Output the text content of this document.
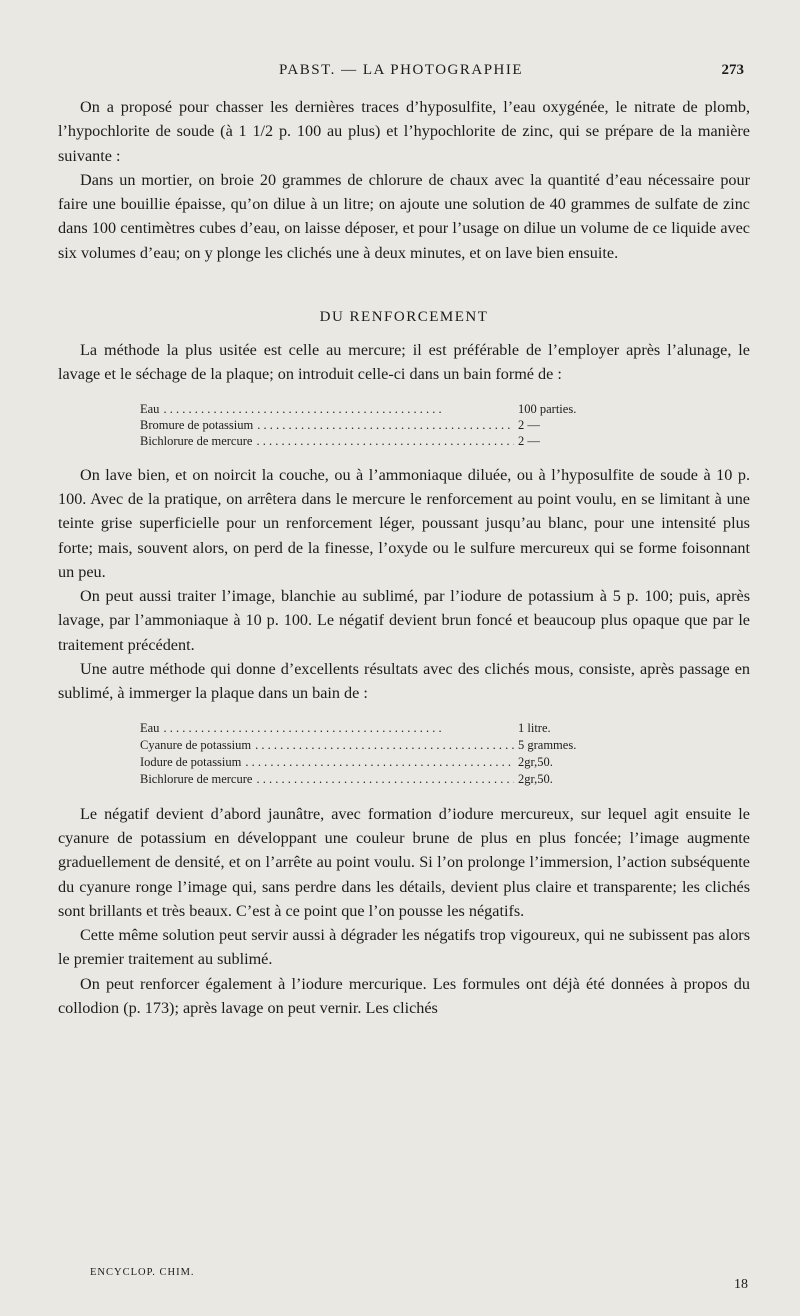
PABST. — LA PHOTOGRAPHIE	273

On a proposé pour chasser les dernières traces d’hyposulfite, l’eau oxygénée, le nitrate de plomb, l’hypochlorite de soude (à 1 1/2 p. 100 au plus) et l’hypochlorite de zinc, qui se prépare de la manière suivante :

Dans un mortier, on broie 20 grammes de chlorure de chaux avec la quantité d’eau nécessaire pour faire une bouillie épaisse, qu’on dilue à un litre; on ajoute une solution de 40 grammes de sulfate de zinc dans 100 centimètres cubes d’eau, on laisse déposer, et pour l’usage on dilue un volume de ce liquide avec six volumes d’eau; on y plonge les clichés une à deux minutes, et on lave bien ensuite.

DU RENFORCEMENT

La méthode la plus usitée est celle au mercure; il est préférable de l’employer après l’alunage, le lavage et le séchage de la plaque; on introduit celle-ci dans un bain formé de :

Eau . . .	100 parties.
Bromure de potassium . . .	2 —
Bichlorure de mercure . . .	2 —

On lave bien, et on noircit la couche, ou à l’ammoniaque diluée, ou à l’hyposulfite de soude à 10 p. 100. Avec de la pratique, on arrêtera dans le mercure le renforcement au point voulu, en se limitant à une teinte grise superficielle pour un renforcement léger, poussant jusqu’au blanc, pour une intensité plus forte; mais, souvent alors, on perd de la finesse, l’oxyde ou le sulfure mercureux qui se forme foisonnant un peu.

On peut aussi traiter l’image, blanchie au sublimé, par l’iodure de potassium à 5 p. 100; puis, après lavage, par l’ammoniaque à 10 p. 100. Le négatif devient brun foncé et beaucoup plus opaque que par le traitement précédent.

Une autre méthode qui donne d’excellents résultats avec des clichés mous, consiste, après passage en sublimé, à immerger la plaque dans un bain de :

Eau . . .	1 litre.
Cyanure de potassium . . .	5 grammes.
Iodure de potassium . . .	2gr,50.
Bichlorure de mercure . . .	2gr,50.

Le négatif devient d’abord jaunâtre, avec formation d’iodure mercureux, sur lequel agit ensuite le cyanure de potassium en développant une couleur brune de plus en plus foncée; l’image augmente graduellement de densité, et on l’arrête au point voulu. Si l’on prolonge l’immersion, l’action subséquente du cyanure ronge l’image qui, sans perdre dans les détails, devient plus claire et transparente; les clichés sont brillants et très beaux. C’est à ce point que l’on pousse les négatifs.

Cette même solution peut servir aussi à dégrader les négatifs trop vigoureux, qui ne subissent pas alors le premier traitement au sublimé.

On peut renforcer également à l’iodure mercurique. Les formules ont déjà été données à propos du collodion (p. 173); après lavage on peut vernir. Les clichés

ENCYCLOP. CHIM.
18
